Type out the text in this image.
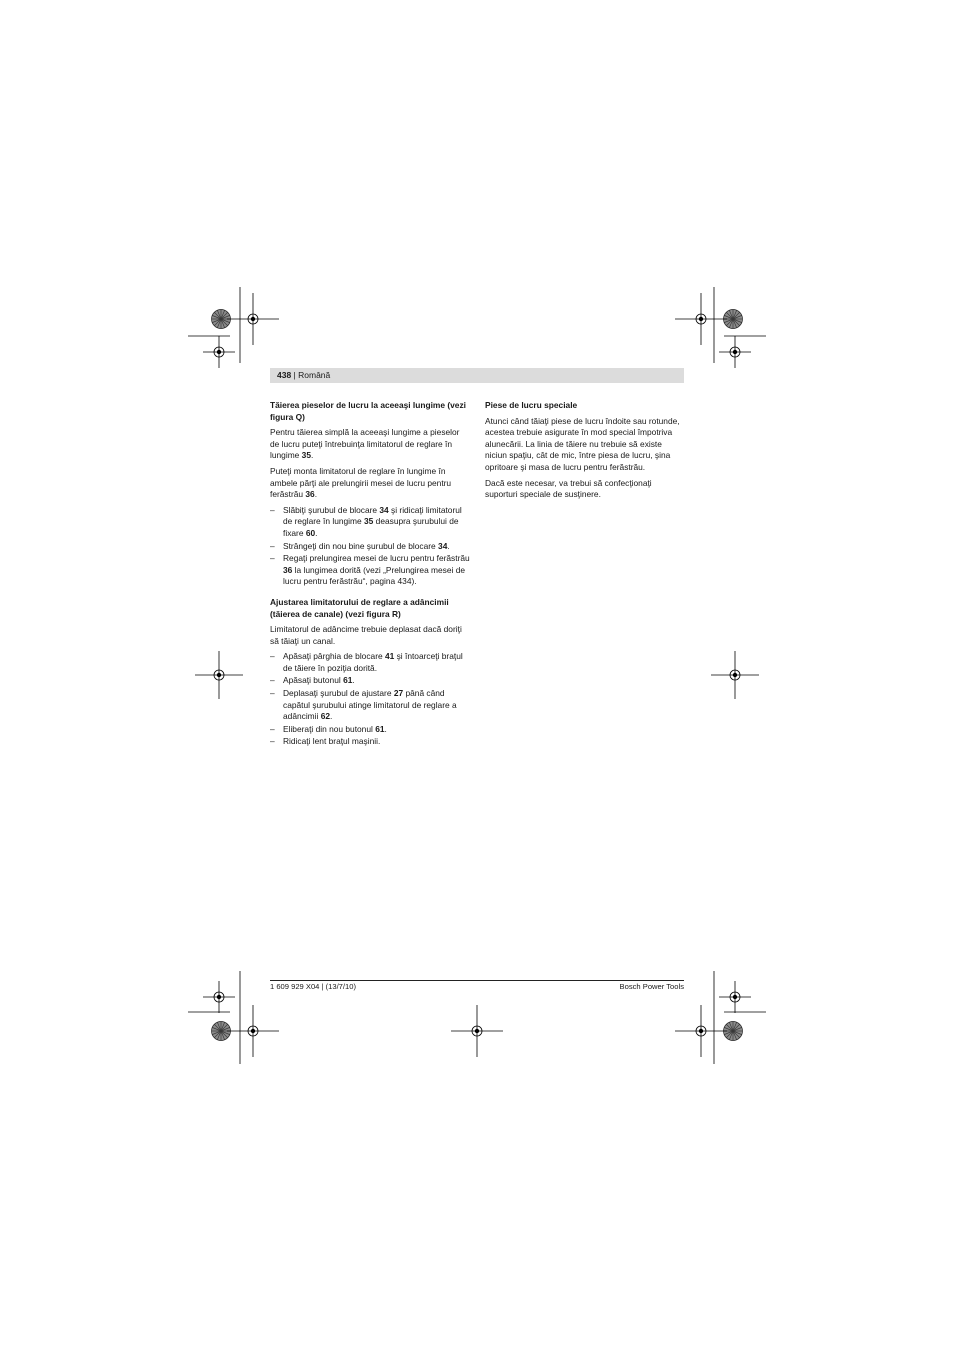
438 | Română
Tăierea pieselor de lucru la aceeaşi lungime (vezi figura Q)

Pentru tăierea simplă la aceeaşi lungime a pieselor de lucru puteţi întrebuinţa limitatorul de reglare în lungime 35.

Puteţi monta limitatorul de reglare în lungime în ambele părţi ale prelungirii mesei de lucru pentru ferăstrău 36.

– Slăbiţi şurubul de blocare 34 şi ridicaţi limitatorul de reglare în lungime 35 deasupra şurubului de fixare 60.
– Strângeţi din nou bine şurubul de blocare 34.
– Regaţi prelungirea mesei de lucru pentru ferăstrău 36 la lungimea dorită (vezi „Prelungirea mesei de lucru pentru ferăstrău“, pagina 434).
Ajustarea limitatorului de reglare a adâncimii (tăierea de canale) (vezi figura R)

Limitatorul de adâncime trebuie deplasat dacă doriţi să tăiaţi un canal.

– Apăsaţi pârghia de blocare 41 şi întoarceţi braţul de tăiere în poziţia dorită.
– Apăsaţi butonul 61.
– Deplasaţi şurubul de ajustare 27 până când capătul şurubului atinge limitatorul de reglare a adâncimii 62.
– Eliberaţi din nou butonul 61.
– Ridicaţi lent braţul maşinii.
Piese de lucru speciale

Atunci când tăiaţi piese de lucru îndoite sau rotunde, acestea trebuie asigurate în mod special împotriva alunecării. La linia de tăiere nu trebuie să existe niciun spaţiu, cât de mic, între piesa de lucru, şina opritoare şi masa de lucru pentru ferăstrău.

Dacă este necesar, va trebui să confecţionaţi suporturi speciale de susţinere.

1 609 929 X04 | (13/7/10)	Bosch Power Tools
